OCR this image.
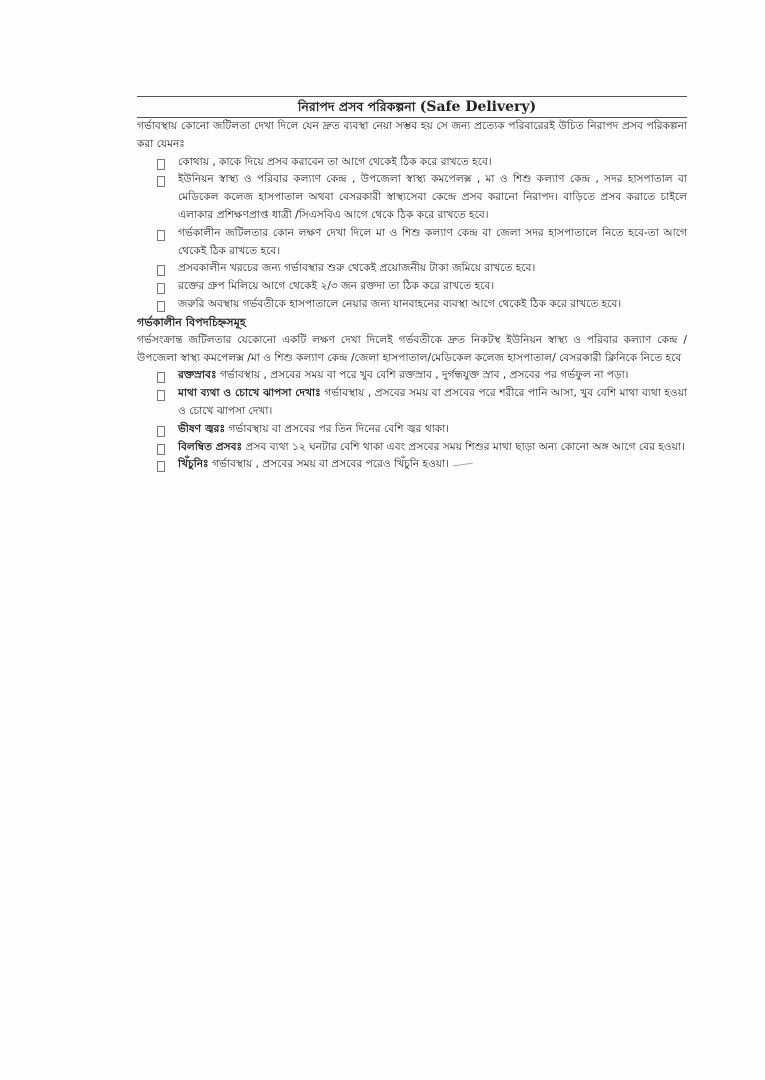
নিরাপদ প্রসব পরিকল্পনা (Safe Delivery)

গর্ভাবস্থায় কোনো জটিলতা দেখা দিলে যেন দ্রুত ব্যবস্থা নেয়া সম্ভব হয় সে জন্য প্রত্যেক পরিবারেরই উচিত নিরাপদ প্রসব পরিকল্পনা করা যেমনঃ

কোথায় , কাকে দিয়ে প্রসব করাবেন তা আগে থেকেই ঠিক করে রাখতে হবে।
ইউনিয়ন স্বাস্থ্য ও পরিবার কল্যাণ কেন্দ্র , উপজেলা স্বাস্থ্য কমপেলক্স , মা ও শিশু কল্যাণ কেন্দ্র , সদর হাসপাতাল বা মেডিকেল কলেজ হাসপাতাল অথবা বেসরকারী স্বাস্থ্যসেবা কেন্দ্রে প্রসব করানো নিরাপদ। বাড়িতে প্রসব করাতে চাইলে এলাকার প্রশিক্ষণপ্রাপ্ত ধাত্রী /সিএসবিএ আগে থেকে ঠিক করে রাখতে হবে।
গর্ভকালীন জটিলতার কোন লক্ষণ দেখা দিলে মা ও শিশু কল্যাণ কেন্দ্র বা জেলা সদর হাসপাতালে নিতে হবে-তা আগে থেকেই ঠিক রাখতে হবে।
প্রসবকালীন খরচের জন্য গর্ভাবস্থার শুরু থেকেই প্রয়োজনীয় টাকা জমিয়ে রাখতে হবে।
রক্তের গ্রুপ মিলিয়ে আগে থেকেই ২/৩ জন রক্তদা তা ঠিক করে রাখতে হবে।
জরুরি অবস্থায় গর্ভবতীকে হাসপাতালে নেয়ার জন্য যানবাহনের ব্যবস্থা আগে থেকেই ঠিক করে রাখতে হবে।
গর্ভকালীন বিপদচিহ্নসমূহ

গর্ভসংক্রান্ত জটিলতার যেকোনো একটি লক্ষণ দেখা দিলেই গর্ভবতীকে দ্রুত নিকটস্থ ইউনিয়ন স্বাস্থ্য ও পরিবার কল্যাণ কেন্দ্র /উপজেলা স্বাস্থ্য কমপেলক্স /মা ও শিশু কল্যাণ কেন্দ্র /জেলা হাসপাতাল/মেডিকেল কলেজ হাসপাতাল/ বেসরকারী ক্লিনিকে নিতে হবে

রক্তস্রাবঃ গর্ভাবস্থায় , প্রসবের সময় বা পরে খুব বেশি রক্তস্রাব , দুর্গন্ধযুক্ত স্রাব , প্রসবের পর গর্ভফুল না পড়া।
মাথা ব্যথা ও চোখে ঝাপসা দেখাঃ গর্ভাবস্থায় , প্রসবের সময় বা প্রসবের পরে শরীরে পানি আসা, খুব বেশি মাথা ব্যথা হওয়া ও চোখে ঝাপসা দেখা।
ভীষণ জ্বরঃ গর্ভাবস্থায় বা প্রসবের পর তিন দিনের বেশি জ্বর থাকা।
বিলম্বিত প্রসবঃ প্রসব ব্যথা ১২ ঘনটার বেশি থাকা এবং প্রসবের সময় শিশুর মাথা ছাড়া অন্য কোনো অঙ্গ আগে বের হওয়া।
খিঁচুনিঃ গর্ভাবস্থায় , প্রসবের সময় বা প্রসবের পরেও খিঁচুনি হওয়া।
